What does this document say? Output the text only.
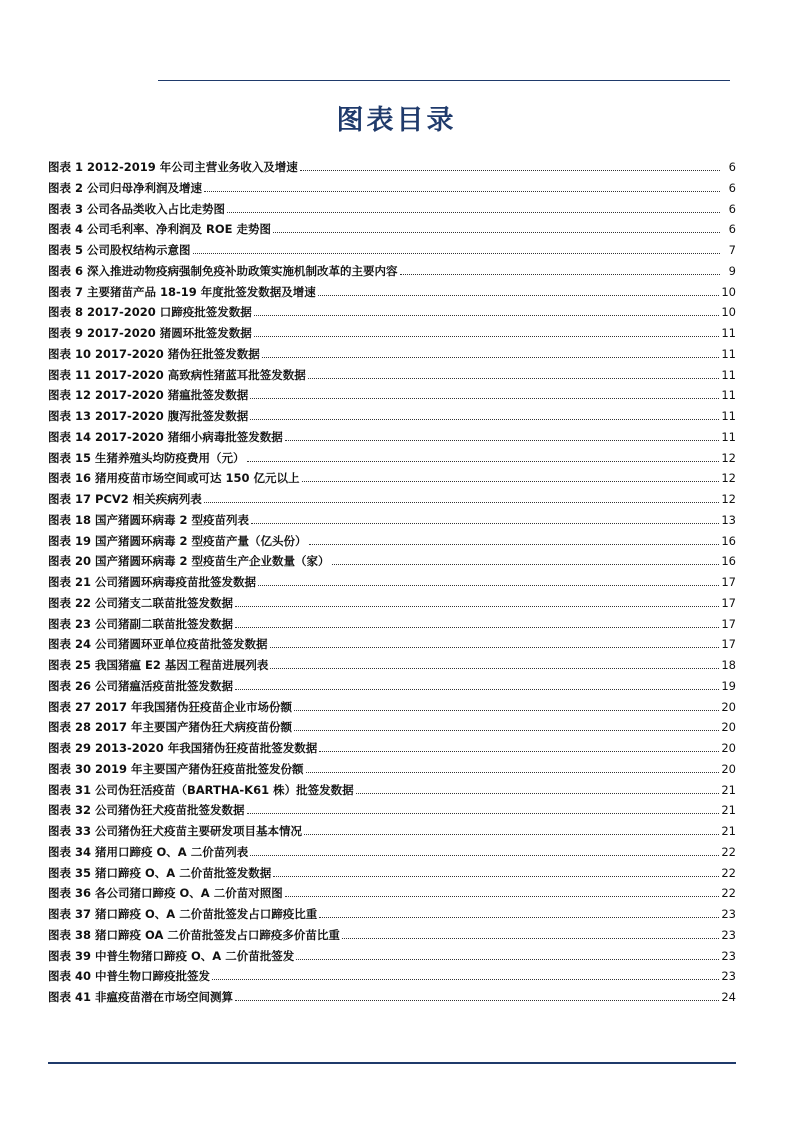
图表目录
图表 1 2012-2019 年公司主营业务收入及增速	6
图表 2 公司归母净利润及增速	6
图表 3 公司各品类收入占比走势图	6
图表 4 公司毛利率、净利润及 ROE 走势图	6
图表 5 公司股权结构示意图	7
图表 6 深入推进动物疫病强制免疫补助政策实施机制改革的主要内容	9
图表 7 主要猪苗产品 18-19 年度批签发数据及增速	10
图表 8 2017-2020 口蹄疫批签发数据	10
图表 9 2017-2020 猪圆环批签发数据	11
图表 10 2017-2020 猪伪狂批签发数据	11
图表 11 2017-2020 高致病性猪蓝耳批签发数据	11
图表 12 2017-2020 猪瘟批签发数据	11
图表 13 2017-2020 腹泻批签发数据	11
图表 14 2017-2020 猪细小病毒批签发数据	11
图表 15 生猪养殖头均防疫费用（元）	12
图表 16 猪用疫苗市场空间或可达 150 亿元以上	12
图表 17 PCV2 相关疾病列表	12
图表 18 国产猪圆环病毒 2 型疫苗列表	13
图表 19 国产猪圆环病毒 2 型疫苗产量（亿头份）	16
图表 20 国产猪圆环病毒 2 型疫苗生产企业数量（家）	16
图表 21 公司猪圆环病毒疫苗批签发数据	17
图表 22 公司猪支二联苗批签发数据	17
图表 23 公司猪副二联苗批签发数据	17
图表 24 公司猪圆环亚单位疫苗批签发数据	17
图表 25 我国猪瘟 E2 基因工程苗进展列表	18
图表 26 公司猪瘟活疫苗批签发数据	19
图表 27 2017 年我国猪伪狂疫苗企业市场份额	20
图表 28 2017 年主要国产猪伪狂犬病疫苗份额	20
图表 29 2013-2020 年我国猪伪狂疫苗批签发数据	20
图表 30 2019 年主要国产猪伪狂疫苗批签发份额	20
图表 31 公司伪狂活疫苗（BARTHA-K61 株）批签发数据	21
图表 32 公司猪伪狂犬疫苗批签发数据	21
图表 33 公司猪伪狂犬疫苗主要研发项目基本情况	21
图表 34 猪用口蹄疫 O、A 二价苗列表	22
图表 35 猪口蹄疫 O、A 二价苗批签发数据	22
图表 36 各公司猪口蹄疫 O、A 二价苗对照图	22
图表 37 猪口蹄疫 O、A 二价苗批签发占口蹄疫比重	23
图表 38 猪口蹄疫 OA 二价苗批签发占口蹄疫多价苗比重	23
图表 39 中普生物猪口蹄疫 O、A 二价苗批签发	23
图表 40 中普生物口蹄疫批签发	23
图表 41 非瘟疫苗潜在市场空间测算	24
